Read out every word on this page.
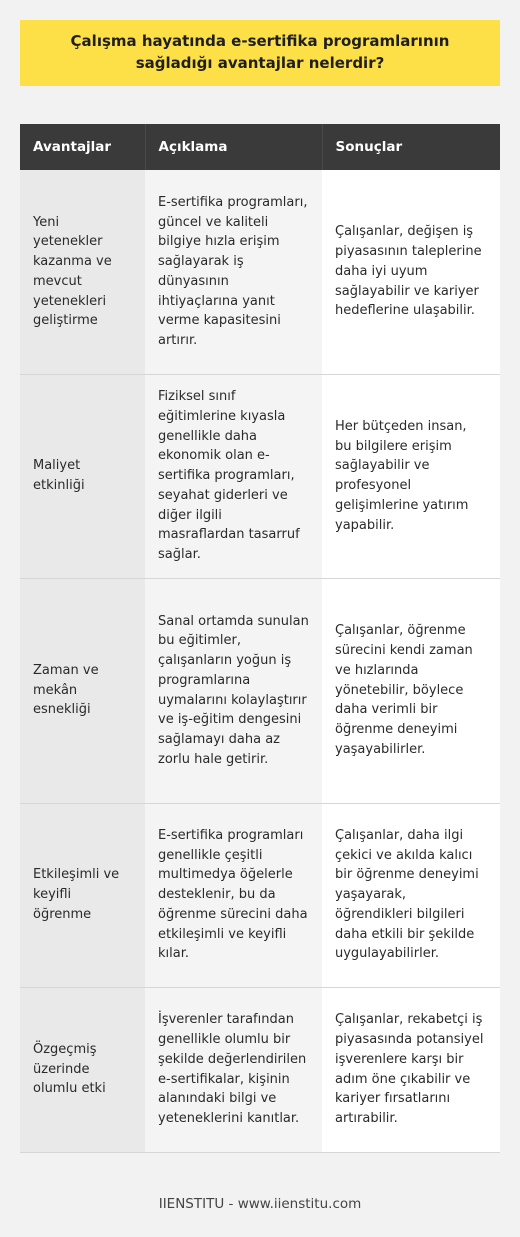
Çalışma hayatında e-sertifika programlarının sağladığı avantajlar nelerdir?
Avantajlar	Açıklama	Sonuçlar
Yeni yetenekler kazanma ve mevcut yetenekleri geliştirme	E-sertifika programları, güncel ve kaliteli bilgiye hızla erişim sağlayarak iş dünyasının ihtiyaçlarına yanıt verme kapasitesini artırır.	Çalışanlar, değişen iş piyasasının taleplerine daha iyi uyum sağlayabilir ve kariyer hedeflerine ulaşabilir.
Maliyet etkinliği	Fiziksel sınıf eğitimlerine kıyasla genellikle daha ekonomik olan e-sertifika programları, seyahat giderleri ve diğer ilgili masraflardan tasarruf sağlar.	Her bütçeden insan, bu bilgilere erişim sağlayabilir ve profesyonel gelişimlerine yatırım yapabilir.
Zaman ve mekân esnekliği	Sanal ortamda sunulan bu eğitimler, çalışanların yoğun iş programlarına uymalarını kolaylaştırır ve iş-eğitim dengesini sağlamayı daha az zorlu hale getirir.	Çalışanlar, öğrenme sürecini kendi zaman ve hızlarında yönetebilir, böylece daha verimli bir öğrenme deneyimi yaşayabilirler.
Etkileşimli ve keyifli öğrenme	E-sertifika programları genellikle çeşitli multimedya öğelerle desteklenir, bu da öğrenme sürecini daha etkileşimli ve keyifli kılar.	Çalışanlar, daha ilgi çekici ve akılda kalıcı bir öğrenme deneyimi yaşayarak, öğrendikleri bilgileri daha etkili bir şekilde uygulayabilirler.
Özgeçmiş üzerinde olumlu etki	İşverenler tarafından genellikle olumlu bir şekilde değerlendirilen e-sertifikalar, kişinin alanındaki bilgi ve yeteneklerini kanıtlar.	Çalışanlar, rekabetçi iş piyasasında potansiyel işverenlere karşı bir adım öne çıkabilir ve kariyer fırsatlarını artırabilir.
IIENSTITU - www.iienstitu.com
